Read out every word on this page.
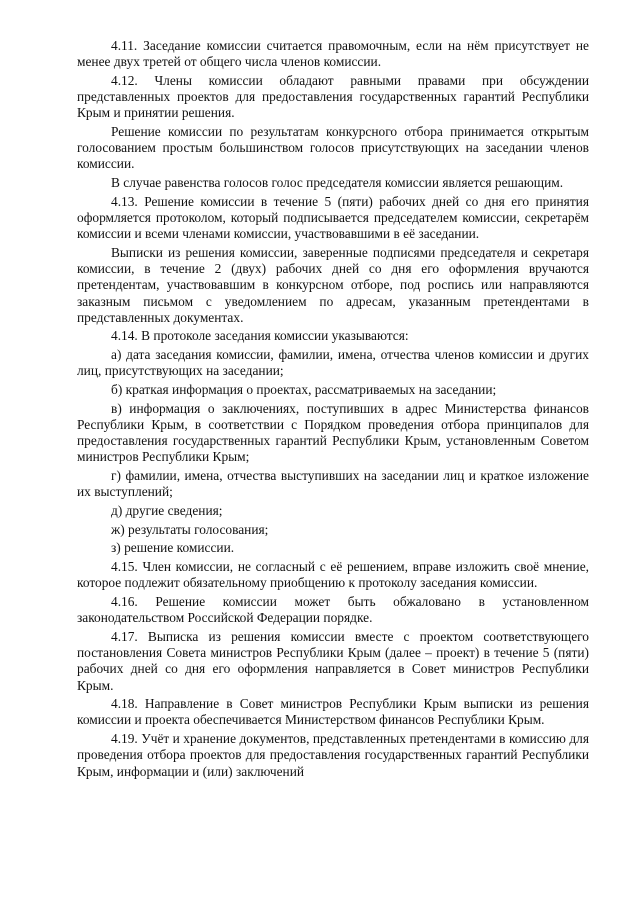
4.11. Заседание комиссии считается правомочным, если на нём присутствует не менее двух третей от общего числа членов комиссии.

4.12. Члены комиссии обладают равными правами при обсуждении представленных проектов для предоставления государственных гарантий Республики Крым и принятии решения.

Решение комиссии по результатам конкурсного отбора принимается открытым голосованием простым большинством голосов присутствующих на заседании членов комиссии.

В случае равенства голосов голос председателя комиссии является решающим.

4.13. Решение комиссии в течение 5 (пяти) рабочих дней со дня его принятия оформляется протоколом, который подписывается председателем комиссии, секретарём комиссии и всеми членами комиссии, участвовавшими в её заседании.

Выписки из решения комиссии, заверенные подписями председателя и секретаря комиссии, в течение 2 (двух) рабочих дней со дня его оформления вручаются претендентам, участвовавшим в конкурсном отборе, под роспись или направляются заказным письмом с уведомлением по адресам, указанным претендентами в представленных документах.

4.14. В протоколе заседания комиссии указываются:

а) дата заседания комиссии, фамилии, имена, отчества членов комиссии и других лиц, присутствующих на заседании;

б) краткая информация о проектах, рассматриваемых на заседании;

в) информация о заключениях, поступивших в адрес Министерства финансов Республики Крым, в соответствии с Порядком проведения отбора принципалов для предоставления государственных гарантий Республики Крым, установленным Советом министров Республики Крым;

г) фамилии, имена, отчества выступивших на заседании лиц и краткое изложение их выступлений;

д) другие сведения;

ж) результаты голосования;

з) решение комиссии.

4.15. Член комиссии, не согласный с её решением, вправе изложить своё мнение, которое подлежит обязательному приобщению к протоколу заседания комиссии.

4.16. Решение комиссии может быть обжаловано в установленном законодательством Российской Федерации порядке.

4.17. Выписка из решения комиссии вместе с проектом соответствующего постановления Совета министров Республики Крым (далее – проект) в течение 5 (пяти) рабочих дней со дня его оформления направляется в Совет министров Республики Крым.

4.18. Направление в Совет министров Республики Крым выписки из решения комиссии и проекта обеспечивается Министерством финансов Республики Крым.

4.19. Учёт и хранение документов, представленных претендентами в комиссию для проведения отбора проектов для предоставления государственных гарантий Республики Крым, информации и (или) заключений
